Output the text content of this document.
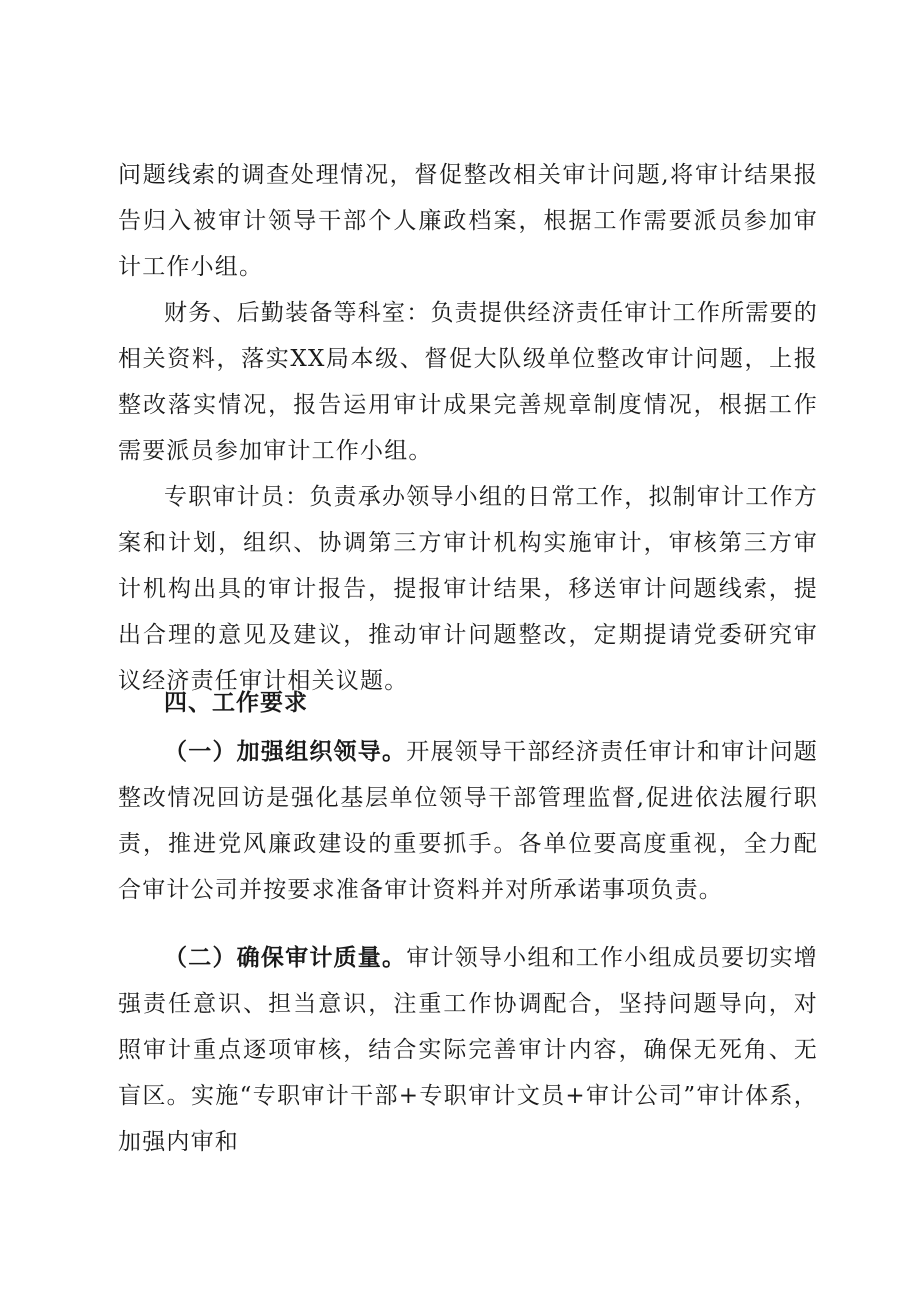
问题线索的调查处理情况，督促整改相关审计问题,将审计结果报告归入被审计领导干部个人廉政档案，根据工作需要派员参加审计工作小组。

财务、后勤装备等科室：负责提供经济责任审计工作所需要的相关资料，落实XX局本级、督促大队级单位整改审计问题，上报整改落实情况，报告运用审计成果完善规章制度情况，根据工作需要派员参加审计工作小组。

专职审计员：负责承办领导小组的日常工作，拟制审计工作方案和计划，组织、协调第三方审计机构实施审计，审核第三方审计机构出具的审计报告，提报审计结果，移送审计问题线索，提出合理的意见及建议，推动审计问题整改，定期提请党委研究审议经济责任审计相关议题。

四、工作要求

（一）加强组织领导。开展领导干部经济责任审计和审计问题整改情况回访是强化基层单位领导干部管理监督,促进依法履行职责，推进党风廉政建设的重要抓手。各单位要高度重视，全力配合审计公司并按要求准备审计资料并对所承诺事项负责。

（二）确保审计质量。审计领导小组和工作小组成员要切实增强责任意识、担当意识，注重工作协调配合，坚持问题导向，对照审计重点逐项审核，结合实际完善审计内容，确保无死角、无盲区。实施“专职审计干部+专职审计文员+审计公司”审计体系，加强内审和
